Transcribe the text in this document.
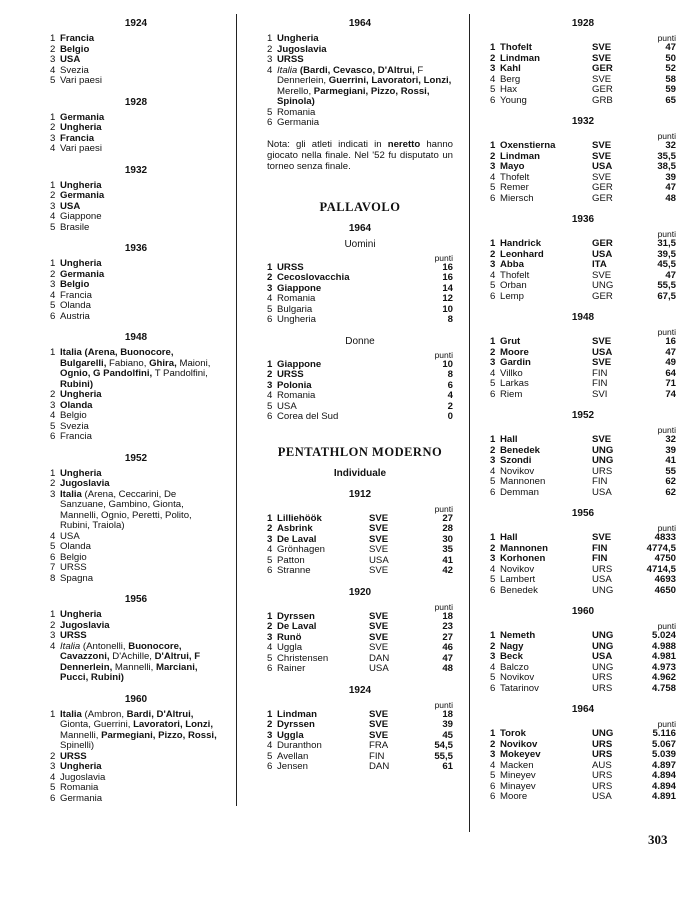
1924
1 Francia
2 Belgio
3 USA
4 Svezia
5 Vari paesi
1928
1 Germania
2 Ungheria
3 Francia
4 Vari paesi
1932
1 Ungheria
2 Germania
3 USA
4 Giappone
5 Brasile
1936
1 Ungheria
2 Germania
3 Belgio
4 Francia
5 Olanda
6 Austria
1948
1 Italia (Arena, Buonocore, Bulgarelli, Fabiano, Ghira, Maioni, Ognio, G Pandolfini, T Pandolfini, Rubini)
2 Ungheria
3 Olanda
4 Belgio
5 Svezia
6 Francia
1952
1 Ungheria
2 Jugoslavia
3 Italia (Arena, Ceccarini, De Sanzuane, Gambino, Gionta, Mannelli, Ognio, Peretti, Polito, Rubini, Traiola)
4 USA
5 Olanda
6 Belgio
7 URSS
8 Spagna
1956
1 Ungheria
2 Jugoslavia
3 URSS
4 Italia (Antonelli, Buonocore, Cavazzoni, D'Achille, D'Altrui, F Dennerlein, Mannelli, Marciani, Pucci, Rubini)
1960
1 Italia (Ambron, Bardi, D'Altrui, Gionta, Guerrini, Lavoratori, Lonzi, Mannelli, Parmegiani, Pizzo, Rossi, Spinelli)
2 URSS
3 Ungheria
4 Jugoslavia
5 Romania
6 Germania
1964
1 Ungheria
2 Jugoslavia
3 URSS
4 Italia (Bardi, Cevasco, D'Altrui, F Dennerlein, Guerrini, Lavoratori, Lonzi, Merello, Parmegiani, Pizzo, Rossi, Spinola)
5 Romania
6 Germania
Nota: gli atleti indicati in neretto hanno giocato nella finale. Nel '52 fu disputato un torneo senza finale.
PALLAVOLO
1964
Uomini
punti
1	URSS	16
2	Cecoslovacchia	16
3	Giappone	14
4	Romania	12
5	Bulgaria	10
6	Ungheria	8
Donne
punti
1	Giappone	10
2	URSS	8
3	Polonia	6
4	Romania	4
5	USA	2
6	Corea del Sud	0
PENTATHLON MODERNO
Individuale
1912
punti
1	Lilliehöök	SVE	27
2	Asbrink	SVE	28
3	De Laval	SVE	30
4	Grönhagen	SVE	35
5	Patton	USA	41
6	Stranne	SVE	42
1920
punti
1	Dyrssen	SVE	18
2	De Laval	SVE	23
3	Runö	SVE	27
4	Uggla	SVE	46
5	Christensen	DAN	47
6	Rainer	USA	48
1924
punti
1	Lindman	SVE	18
2	Dyrssen	SVE	39
3	Uggla	SVE	45
4	Duranthon	FRA	54,5
5	Avellan	FIN	55,5
6	Jensen	DAN	61
1928
punti
1	Thofelt	SVE	47
2	Lindman	SVE	50
3	Kahl	GER	52
4	Berg	SVE	58
5	Hax	GER	59
6	Young	GRB	65
1932
punti
1	Oxenstierna	SVE	32
2	Lindman	SVE	35,5
3	Mayo	USA	38,5
4	Thofelt	SVE	39
5	Remer	GER	47
6	Miersch	GER	48
1936
punti
1	Handrick	GER	31,5
2	Leonhard	USA	39,5
3	Abba	ITA	45,5
4	Thofelt	SVE	47
5	Orban	UNG	55,5
6	Lemp	GER	67,5
1948
punti
1	Grut	SVE	16
2	Moore	USA	47
3	Gardin	SVE	49
4	Villko	FIN	64
5	Larkas	FIN	71
6	Riem	SVI	74
1952
punti
1	Hall	SVE	32
2	Benedek	UNG	39
3	Szondi	UNG	41
4	Novikov	URS	55
5	Mannonen	FIN	62
6	Demman	USA	62
1956
punti
1	Hall	SVE	4833
2	Mannonen	FIN	4774,5
3	Korhonen	FIN	4750
4	Novikov	URS	4714,5
5	Lambert	USA	4693
6	Benedek	UNG	4650
1960
punti
1	Nemeth	UNG	5.024
2	Nagy	UNG	4.988
3	Beck	USA	4.981
4	Balczo	UNG	4.973
5	Novikov	URS	4.962
6	Tatarinov	URS	4.758
1964
punti
1	Torok	UNG	5.116
2	Novikov	URS	5.067
3	Mokeyev	URS	5.039
4	Macken	AUS	4.897
5	Mineyev	URS	4.894
6	Minayev	URS	4.894
6	Moore	USA	4.891
303
